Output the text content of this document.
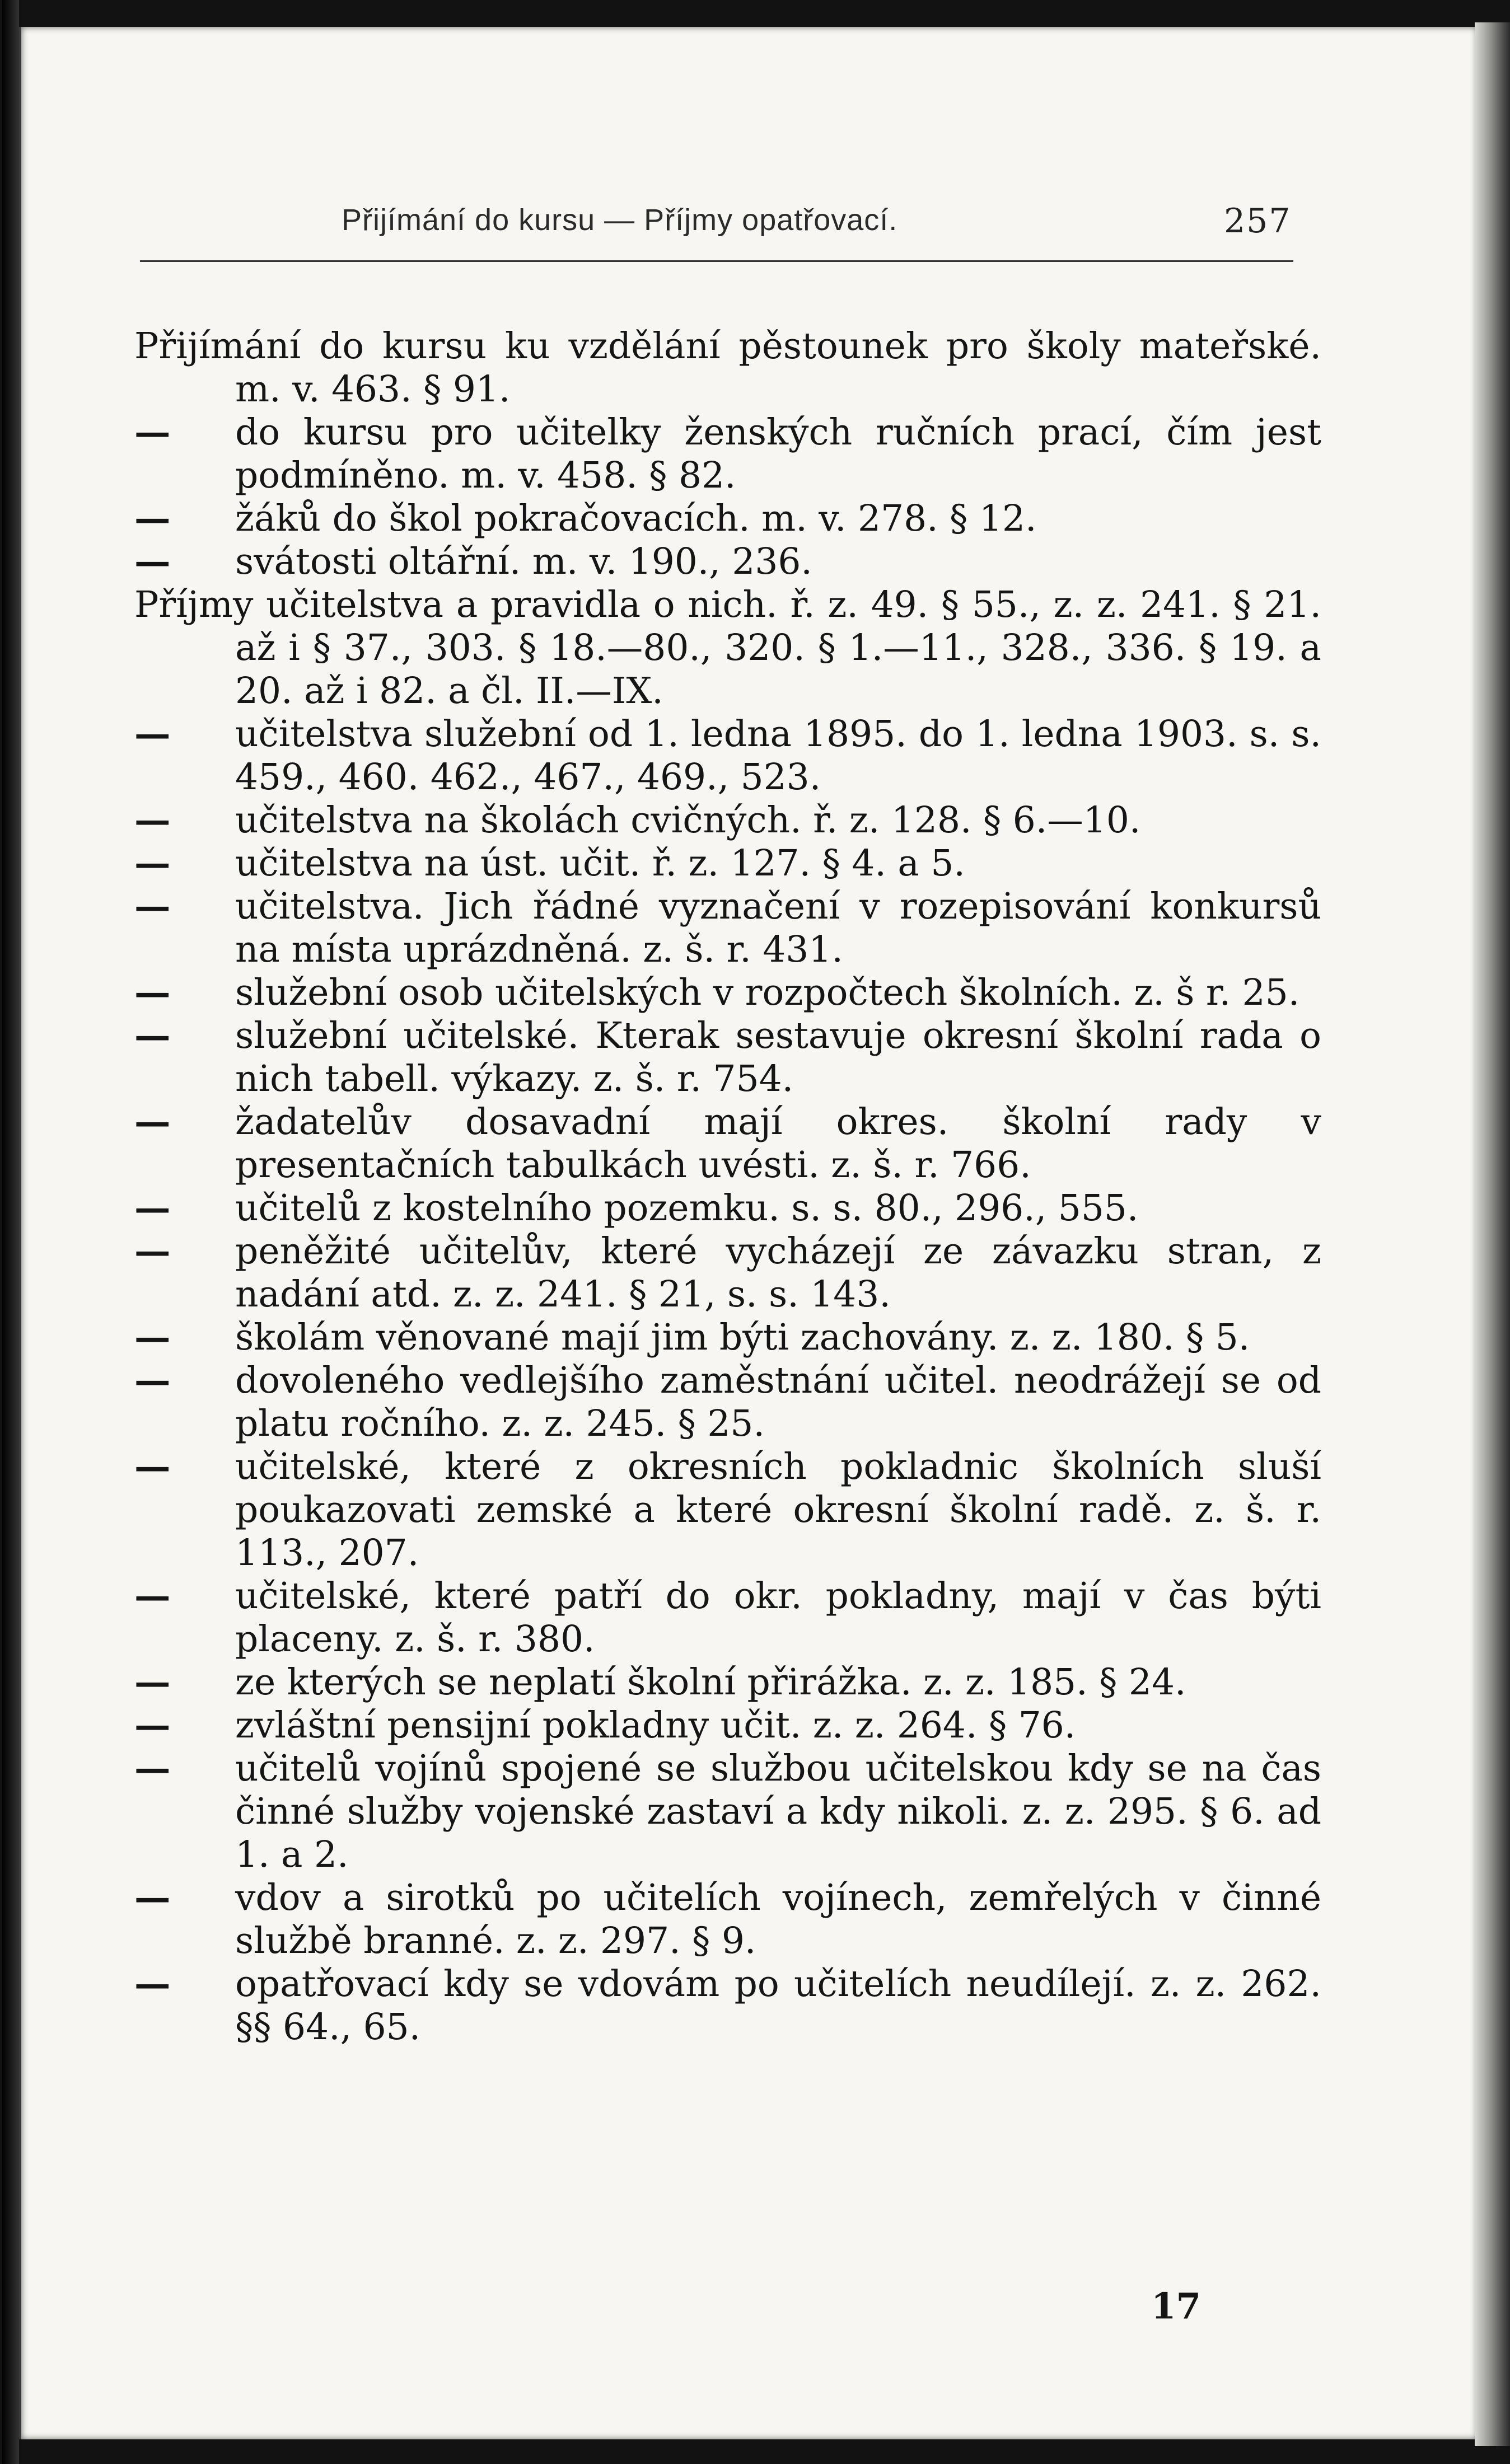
Přijímání do kursu — Příjmy opatřovací.	257

Přijímání do kursu ku vzdělání pěstounek pro školy mateřské. m. v. 463. § 91.

— do kursu pro učitelky ženských ručních prací, čím jest podmíněno. m. v. 458. § 82.

— žáků do škol pokračovacích. m. v. 278. § 12.

— svátosti oltářní. m. v. 190., 236.

Příjmy učitelstva a pravidla o nich. ř. z. 49. § 55., z. z. 241. § 21. až i § 37., 303. § 18.—80., 320. § 1.—11., 328., 336. § 19. a 20. až i 82. a čl. II.—IX.

— učitelstva služební od 1. ledna 1895. do 1. ledna 1903. s. s. 459., 460. 462., 467., 469., 523.

— učitelstva na školách cvičných. ř. z. 128. § 6.—10.

— učitelstva na úst. učit. ř. z. 127. § 4. a 5.

— učitelstva. Jich řádné vyznačení v rozepisování konkursů na místa uprázdněná. z. š. r. 431.

— služební osob učitelských v rozpočtech školních. z. š r. 25.

— služební učitelské. Kterak sestavuje okresní školní rada o nich tabell. výkazy. z. š. r. 754.

— žadatelův dosavadní mají okres. školní rady v presentačních tabulkách uvésti. z. š. r. 766.

— učitelů z kostelního pozemku. s. s. 80., 296., 555.

— peněžité učitelův, které vycházejí ze závazku stran, z nadání atd. z. z. 241. § 21, s. s. 143.

— školám věnované mají jim býti zachovány. z. z. 180. § 5.

— dovoleného vedlejšího zaměstnání učitel. neodrážejí se od platu ročního. z. z. 245. § 25.

— učitelské, které z okresních pokladnic školních sluší poukazovati zemské a které okresní školní radě. z. š. r. 113., 207.

— učitelské, které patří do okr. pokladny, mají v čas býti placeny. z. š. r. 380.

— ze kterých se neplatí školní přirážka. z. z. 185. § 24.

— zvláštní pensijní pokladny učit. z. z. 264. § 76.

— učitelů vojínů spojené se službou učitelskou kdy se na čas činné služby vojenské zastaví a kdy nikoli. z. z. 295. § 6. ad 1. a 2.

— vdov a sirotků po učitelích vojínech, zemřelých v činné službě branné. z. z. 297. § 9.

— opatřovací kdy se vdovám po učitelích neudílejí. z. z. 262. §§ 64., 65.

17
